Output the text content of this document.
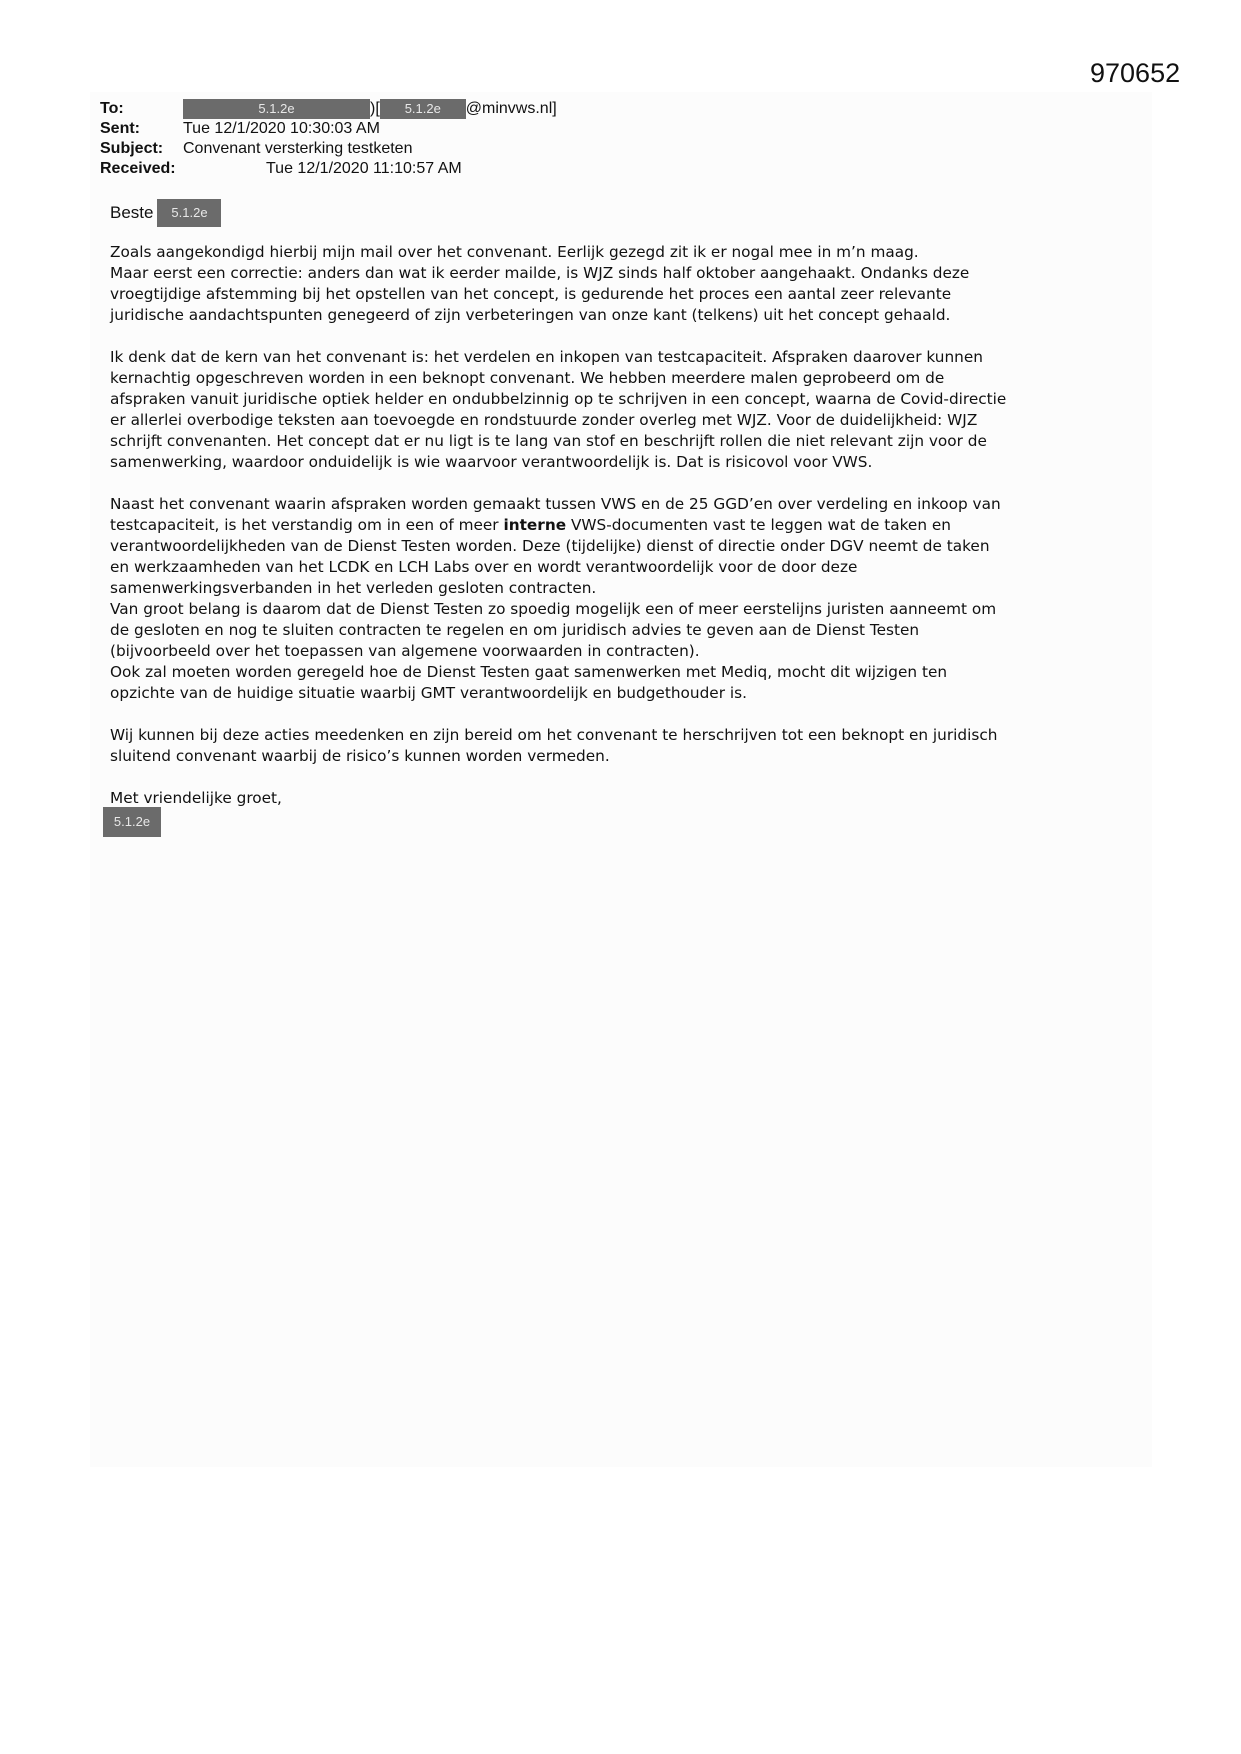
970652
To:	5.1.2e	)[ 5.1.2e @minvws.nl]
Sent:	Tue 12/1/2020 10:30:03 AM
Subject: Convenant versterking testketen
Received:	Tue 12/1/2020 11:10:57 AM
Beste 5.1.2e
Zoals aangekondigd hierbij mijn mail over het convenant. Eerlijk gezegd zit ik er nogal mee in m’n maag.
Maar eerst een correctie: anders dan wat ik eerder mailde, is WJZ sinds half oktober aangehaakt. Ondanks deze
vroegtijdige afstemming bij het opstellen van het concept, is gedurende het proces een aantal zeer relevante
juridische aandachtspunten genegeerd of zijn verbeteringen van onze kant (telkens) uit het concept gehaald.
Ik denk dat de kern van het convenant is: het verdelen en inkopen van testcapaciteit. Afspraken daarover kunnen
kernachtig opgeschreven worden in een beknopt convenant. We hebben meerdere malen geprobeerd om de
afspraken vanuit juridische optiek helder en ondubbelzinnig op te schrijven in een concept, waarna de Covid-directie
er allerlei overbodige teksten aan toevoegde en rondstuurde zonder overleg met WJZ. Voor de duidelijkheid: WJZ
schrijft convenanten. Het concept dat er nu ligt is te lang van stof en beschrijft rollen die niet relevant zijn voor de
samenwerking, waardoor onduidelijk is wie waarvoor verantwoordelijk is. Dat is risicovol voor VWS.
Naast het convenant waarin afspraken worden gemaakt tussen VWS en de 25 GGD’en over verdeling en inkoop van
testcapaciteit, is het verstandig om in een of meer interne VWS-documenten vast te leggen wat de taken en
verantwoordelijkheden van de Dienst Testen worden. Deze (tijdelijke) dienst of directie onder DGV neemt de taken
en werkzaamheden van het LCDK en LCH Labs over en wordt verantwoordelijk voor de door deze
samenwerkingsverbanden in het verleden gesloten contracten.
Van groot belang is daarom dat de Dienst Testen zo spoedig mogelijk een of meer eerstelijns juristen aanneemt om
de gesloten en nog te sluiten contracten te regelen en om juridisch advies te geven aan de Dienst Testen
(bijvoorbeeld over het toepassen van algemene voorwaarden in contracten).
Ook zal moeten worden geregeld hoe de Dienst Testen gaat samenwerken met Mediq, mocht dit wijzigen ten
opzichte van de huidige situatie waarbij GMT verantwoordelijk en budgethouder is.
Wij kunnen bij deze acties meedenken en zijn bereid om het convenant te herschrijven tot een beknopt en juridisch
sluitend convenant waarbij de risico’s kunnen worden vermeden.
Met vriendelijke groet,
5.1.2e
